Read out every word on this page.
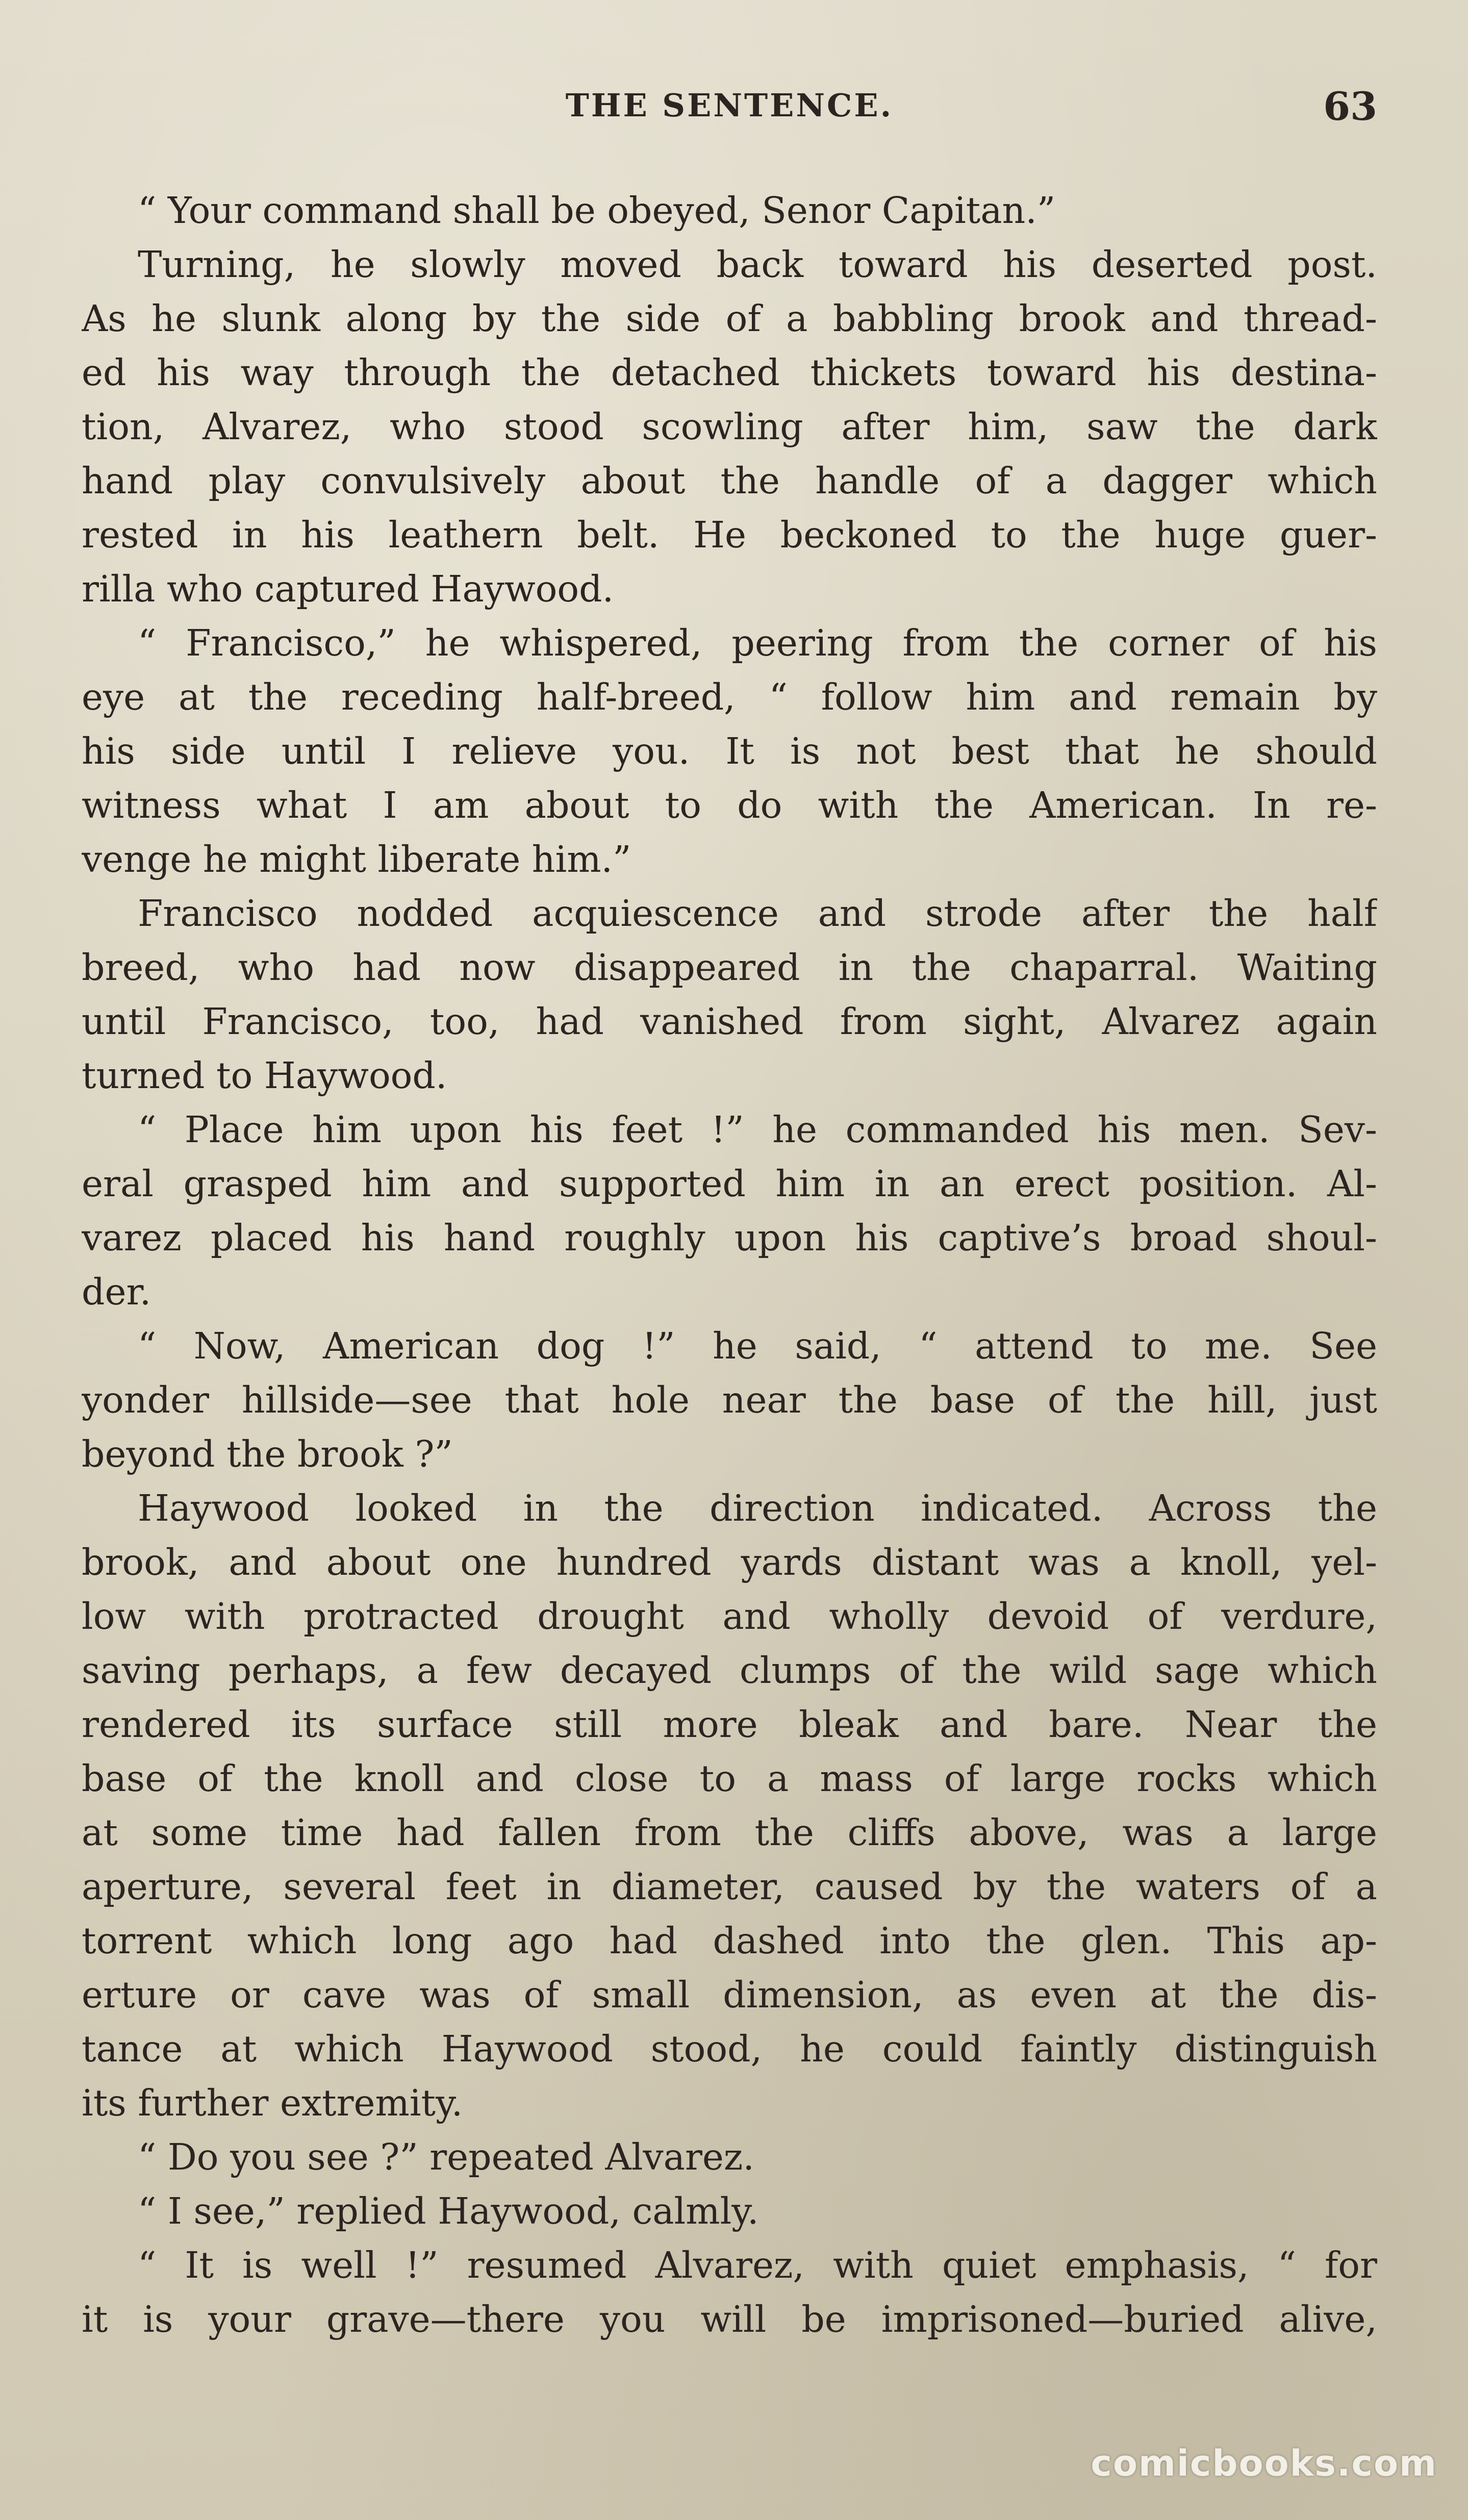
THE SENTENCE.	63
“ Your command shall be obeyed, Senor Capitan.”
Turning, he slowly moved back toward his deserted post.
As he slunk along by the side of a babbling brook and thread-
ed his way through the detached thickets toward his destina-
tion, Alvarez, who stood scowling after him, saw the dark
hand play convulsively about the handle of a dagger which
rested in his leathern belt. He beckoned to the huge guer-
rilla who captured Haywood.
“ Francisco,” he whispered, peering from the corner of his
eye at the receding half-breed, “ follow him and remain by
his side until I relieve you. It is not best that he should
witness what I am about to do with the American. In re-
venge he might liberate him.”
Francisco nodded acquiescence and strode after the half
breed, who had now disappeared in the chaparral. Waiting
until Francisco, too, had vanished from sight, Alvarez again
turned to Haywood.
“ Place him upon his feet !” he commanded his men. Sev-
eral grasped him and supported him in an erect position. Al-
varez placed his hand roughly upon his captive’s broad shoul-
der.
“ Now, American dog !” he said, “ attend to me. See
yonder hillside—see that hole near the base of the hill, just
beyond the brook ?”
Haywood looked in the direction indicated. Across the
brook, and about one hundred yards distant was a knoll, yel-
low with protracted drought and wholly devoid of verdure,
saving perhaps, a few decayed clumps of the wild sage which
rendered its surface still more bleak and bare. Near the
base of the knoll and close to a mass of large rocks which
at some time had fallen from the cliffs above, was a large
aperture, several feet in diameter, caused by the waters of a
torrent which long ago had dashed into the glen. This ap-
erture or cave was of small dimension, as even at the dis-
tance at which Haywood stood, he could faintly distinguish
its further extremity.
“ Do you see ?” repeated Alvarez.
“ I see,” replied Haywood, calmly.
“ It is well !” resumed Alvarez, with quiet emphasis, “ for
it is your grave—there you will be imprisoned—buried alive,
comicbooks.com
